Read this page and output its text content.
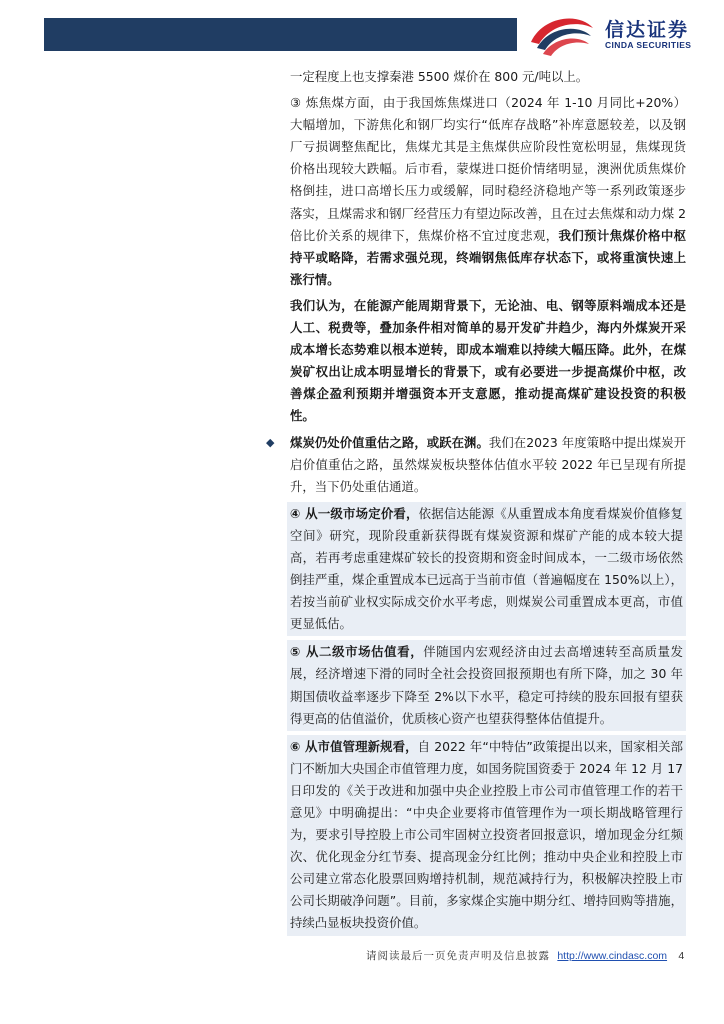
信达证券
CINDA SECURITIES

一定程度上也支撑秦港 5500 煤价在 800 元/吨以上。

③ 炼焦煤方面，由于我国炼焦煤进口（2024 年 1-10 月同比+20%）大幅增加，下游焦化和钢厂均实行“低库存战略”补库意愿较差，以及钢厂亏损调整焦配比，焦煤尤其是主焦煤供应阶段性宽松明显，焦煤现货价格出现较大跌幅。后市看，蒙煤进口挺价情绪明显，澳洲优质焦煤价格倒挂，进口高增长压力或缓解，同时稳经济稳地产等一系列政策逐步落实，且煤需求和钢厂经营压力有望边际改善，且在过去焦煤和动力煤 2 倍比价关系的规律下，焦煤价格不宜过度悲观，我们预计焦煤价格中枢持平或略降，若需求强兑现，终端钢焦低库存状态下，或将重演快速上涨行情。

我们认为，在能源产能周期背景下，无论油、电、钢等原料端成本还是人工、税费等，叠加条件相对简单的易开发矿井趋少，海内外煤炭开采成本增长态势难以根本逆转，即成本端难以持续大幅压降。此外，在煤炭矿权出让成本明显增长的背景下，或有必要进一步提高煤价中枢，改善煤企盈利预期并增强资本开支意愿，推动提高煤矿建设投资的积极性。

煤炭仍处价值重估之路，或跃在渊。我们在2023 年度策略中提出煤炭开启价值重估之路，虽然煤炭板块整体估值水平较 2022 年已呈现有所提升，当下仍处重估通道。

④ 从一级市场定价看，依据信达能源《从重置成本角度看煤炭价值修复空间》研究，现阶段重新获得既有煤炭资源和煤矿产能的成本较大提高，若再考虑重建煤矿较长的投资期和资金时间成本，一二级市场依然倒挂严重，煤企重置成本已远高于当前市值（普遍幅度在 150%以上），若按当前矿业权实际成交价水平考虑，则煤炭公司重置成本更高，市值更显低估。

⑤ 从二级市场估值看，伴随国内宏观经济由过去高增速转至高质量发展，经济增速下滑的同时全社会投资回报预期也有所下降，加之 30 年期国债收益率逐步下降至 2%以下水平，稳定可持续的股东回报有望获得更高的估值溢价，优质核心资产也望获得整体估值提升。

⑥ 从市值管理新规看，自 2022 年“中特估”政策提出以来，国家相关部门不断加大央国企市值管理力度，如国务院国资委于 2024 年 12 月 17 日印发的《关于改进和加强中央企业控股上市公司市值管理工作的若干意见》中明确提出：“中央企业要将市值管理作为一项长期战略管理行为，要求引导控股上市公司牢固树立投资者回报意识，增加现金分红频次、优化现金分红节奏、提高现金分红比例；推动中央企业和控股上市公司建立常态化股票回购增持机制，规范减持行为，积极解决控股上市公司长期破净问题”。目前，多家煤企实施中期分红、增持回购等措施，持续凸显板块投资价值。

◆
请阅读最后一页免责声明及信息披露 http://www.cindasc.com 4
